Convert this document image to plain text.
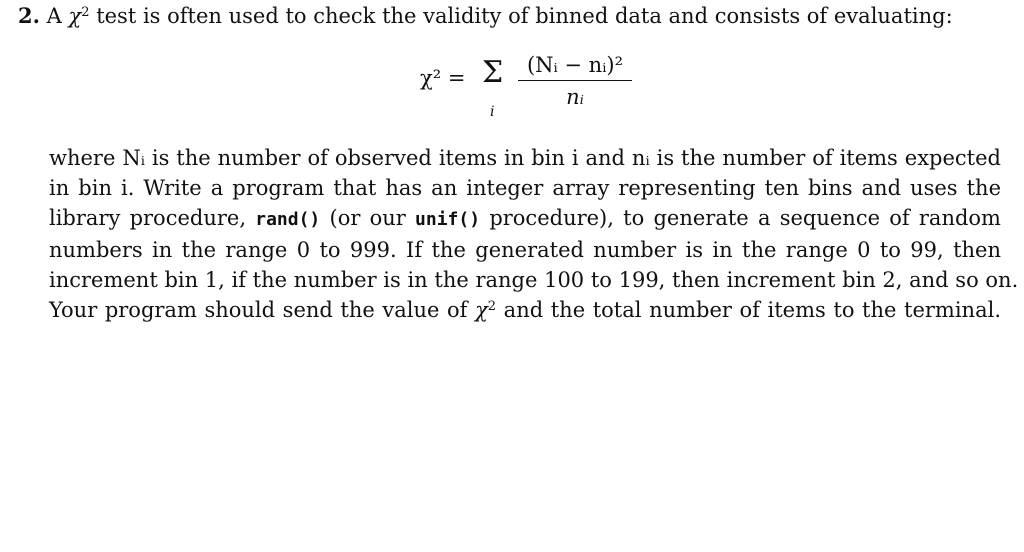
2. A $\chi^2$ test is often used to check the validity of binned data and consists of evaluating:
χ² = Σ
i
(Nᵢ − nᵢ)²
nᵢ
where Nᵢ is the number of observed items in bin i and nᵢ is the number of items expected
in bin i. Write a program that has an integer array representing ten bins and uses the
library procedure, rand() (or our unif() procedure), to generate a sequence of random
numbers in the range 0 to 999. If the generated number is in the range 0 to 99, then
increment bin 1, if the number is in the range 100 to 199, then increment bin 2, and so on.
Your program should send the value of $\chi^2$ and the total number of items to the terminal.
